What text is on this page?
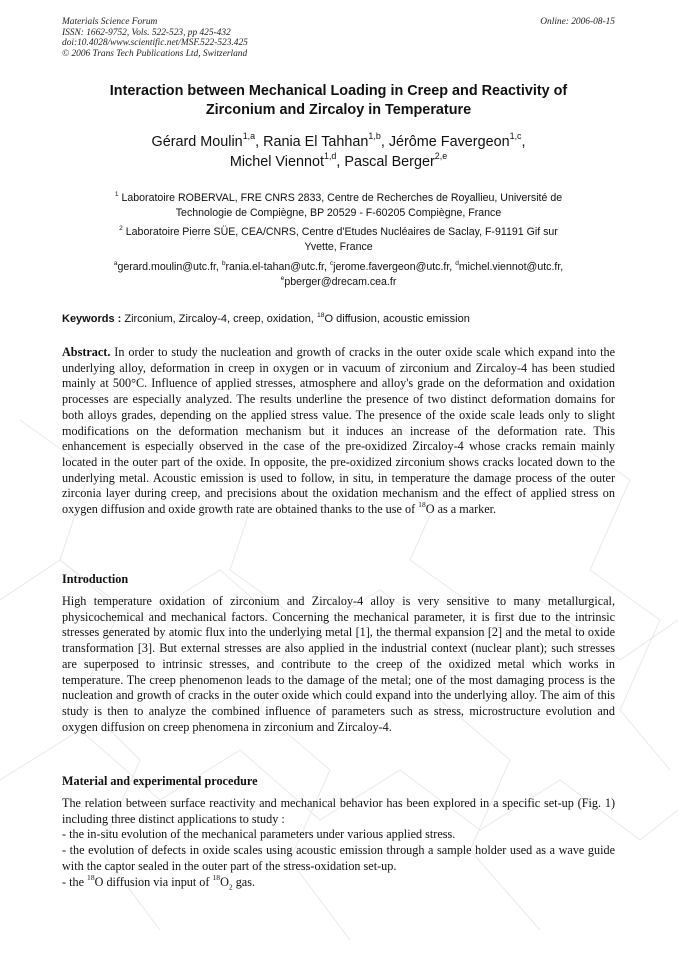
Materials Science Forum
ISSN: 1662-9752, Vols. 522-523, pp 425-432
doi:10.4028/www.scientific.net/MSF.522-523.425
© 2006 Trans Tech Publications Ltd, Switzerland
Online: 2006-08-15
Interaction between Mechanical Loading in Creep and Reactivity of
Zirconium and Zircaloy in Temperature
Gérard Moulin$^{1,a}$, Rania El Tahhan$^{1,b}$, Jérôme Favergeon$^{1,c}$,
Michel Viennot$^{1,d}$, Pascal Berger$^{2,e}$
$^1$ Laboratoire ROBERVAL, FRE CNRS 2833, Centre de Recherches de Royallieu, Université de
Technologie de Compiègne, BP 20529 - F-60205 Compiègne, France
$^2$ Laboratoire Pierre SÜE, CEA/CNRS, Centre d'Etudes Nucléaires de Saclay, F-91191 Gif sur
Yvette, France
$^a$gerard.moulin@utc.fr, $^b$rania.el-tahan@utc.fr, $^c$jerome.favergeon@utc.fr, $^d$michel.viennot@utc.fr,
$^e$pberger@drecam.cea.fr
Keywords : Zirconium, Zircaloy-4, creep, oxidation, $^{18}$O diffusion, acoustic emission
Abstract. In order to study the nucleation and growth of cracks in the outer oxide scale which expand into the underlying alloy, deformation in creep in oxygen or in vacuum of zirconium and Zircaloy-4 has been studied mainly at 500°C. Influence of applied stresses, atmosphere and alloy's grade on the deformation and oxidation processes are especially analyzed. The results underline the presence of two distinct deformation domains for both alloys grades, depending on the applied stress value. The presence of the oxide scale leads only to slight modifications on the deformation mechanism but it induces an increase of the deformation rate. This enhancement is especially observed in the case of the pre-oxidized Zircaloy-4 whose cracks remain mainly located in the outer part of the oxide. In opposite, the pre-oxidized zirconium shows cracks located down to the underlying metal. Acoustic emission is used to follow, in situ, in temperature the damage process of the outer zirconia layer during creep, and precisions about the oxidation mechanism and the effect of applied stress on oxygen diffusion and oxide growth rate are obtained thanks to the use of $^{18}$O as a marker.
Introduction
High temperature oxidation of zirconium and Zircaloy-4 alloy is very sensitive to many metallurgical, physicochemical and mechanical factors. Concerning the mechanical parameter, it is first due to the intrinsic stresses generated by atomic flux into the underlying metal [1], the thermal expansion [2] and the metal to oxide transformation [3]. But external stresses are also applied in the industrial context (nuclear plant); such stresses are superposed to intrinsic stresses, and contribute to the creep of the oxidized metal which works in temperature. The creep phenomenon leads to the damage of the metal; one of the most damaging process is the nucleation and growth of cracks in the outer oxide which could expand into the underlying alloy. The aim of this study is then to analyze the combined influence of parameters such as stress, microstructure evolution and oxygen diffusion on creep phenomena in zirconium and Zircaloy-4.
Material and experimental procedure
The relation between surface reactivity and mechanical behavior has been explored in a specific set-up (Fig. 1) including three distinct applications to study :
- the in-situ evolution of the mechanical parameters under various applied stress.
- the evolution of defects in oxide scales using acoustic emission through a sample holder used as a wave guide with the captor sealed in the outer part of the stress-oxidation set-up.
- the $^{18}$O diffusion via input of $^{18}O_2$ gas.
